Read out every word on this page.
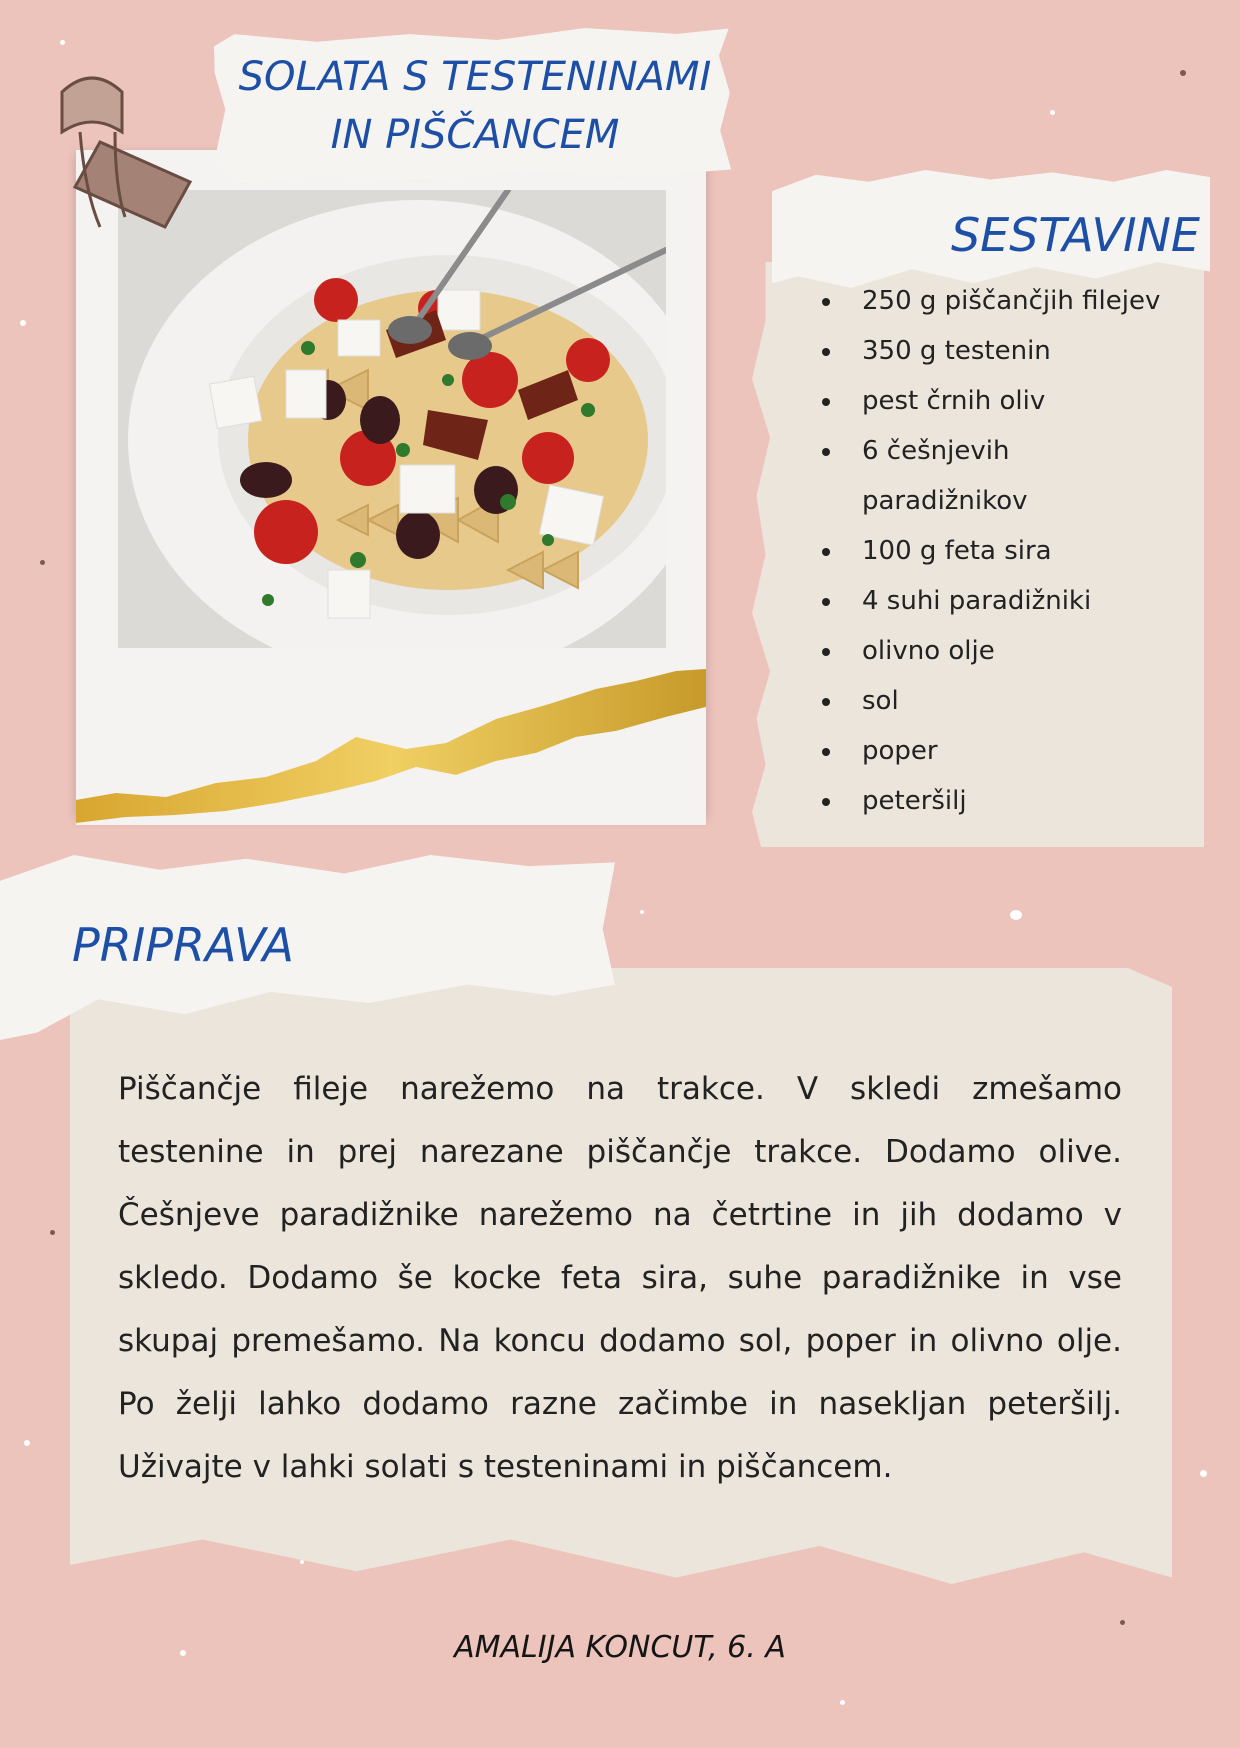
SOLATA S TESTENINAMI
IN PIŠČANCEM
SESTAVINE
250 g piščančjih filejev
350 g testenin
pest črnih oliv
6 češnjevih paradižnikov
100 g feta sira
4 suhi paradižniki
olivno olje
sol
poper
peteršilj
PRIPRAVA

Piščančje fileje narežemo na trakce. V skledi zmešamo testenine in prej narezane piščančje trakce. Dodamo olive. Češnjeve paradižnike narežemo na četrtine in jih dodamo v skledo. Dodamo še kocke feta sira, suhe paradižnike in vse skupaj premešamo. Na koncu dodamo sol, poper in olivno olje. Po želji lahko dodamo razne začimbe in nasekljan peteršilj. Uživajte v lahki solati s testeninami in piščancem.

AMALIJA KONCUT, 6. A
